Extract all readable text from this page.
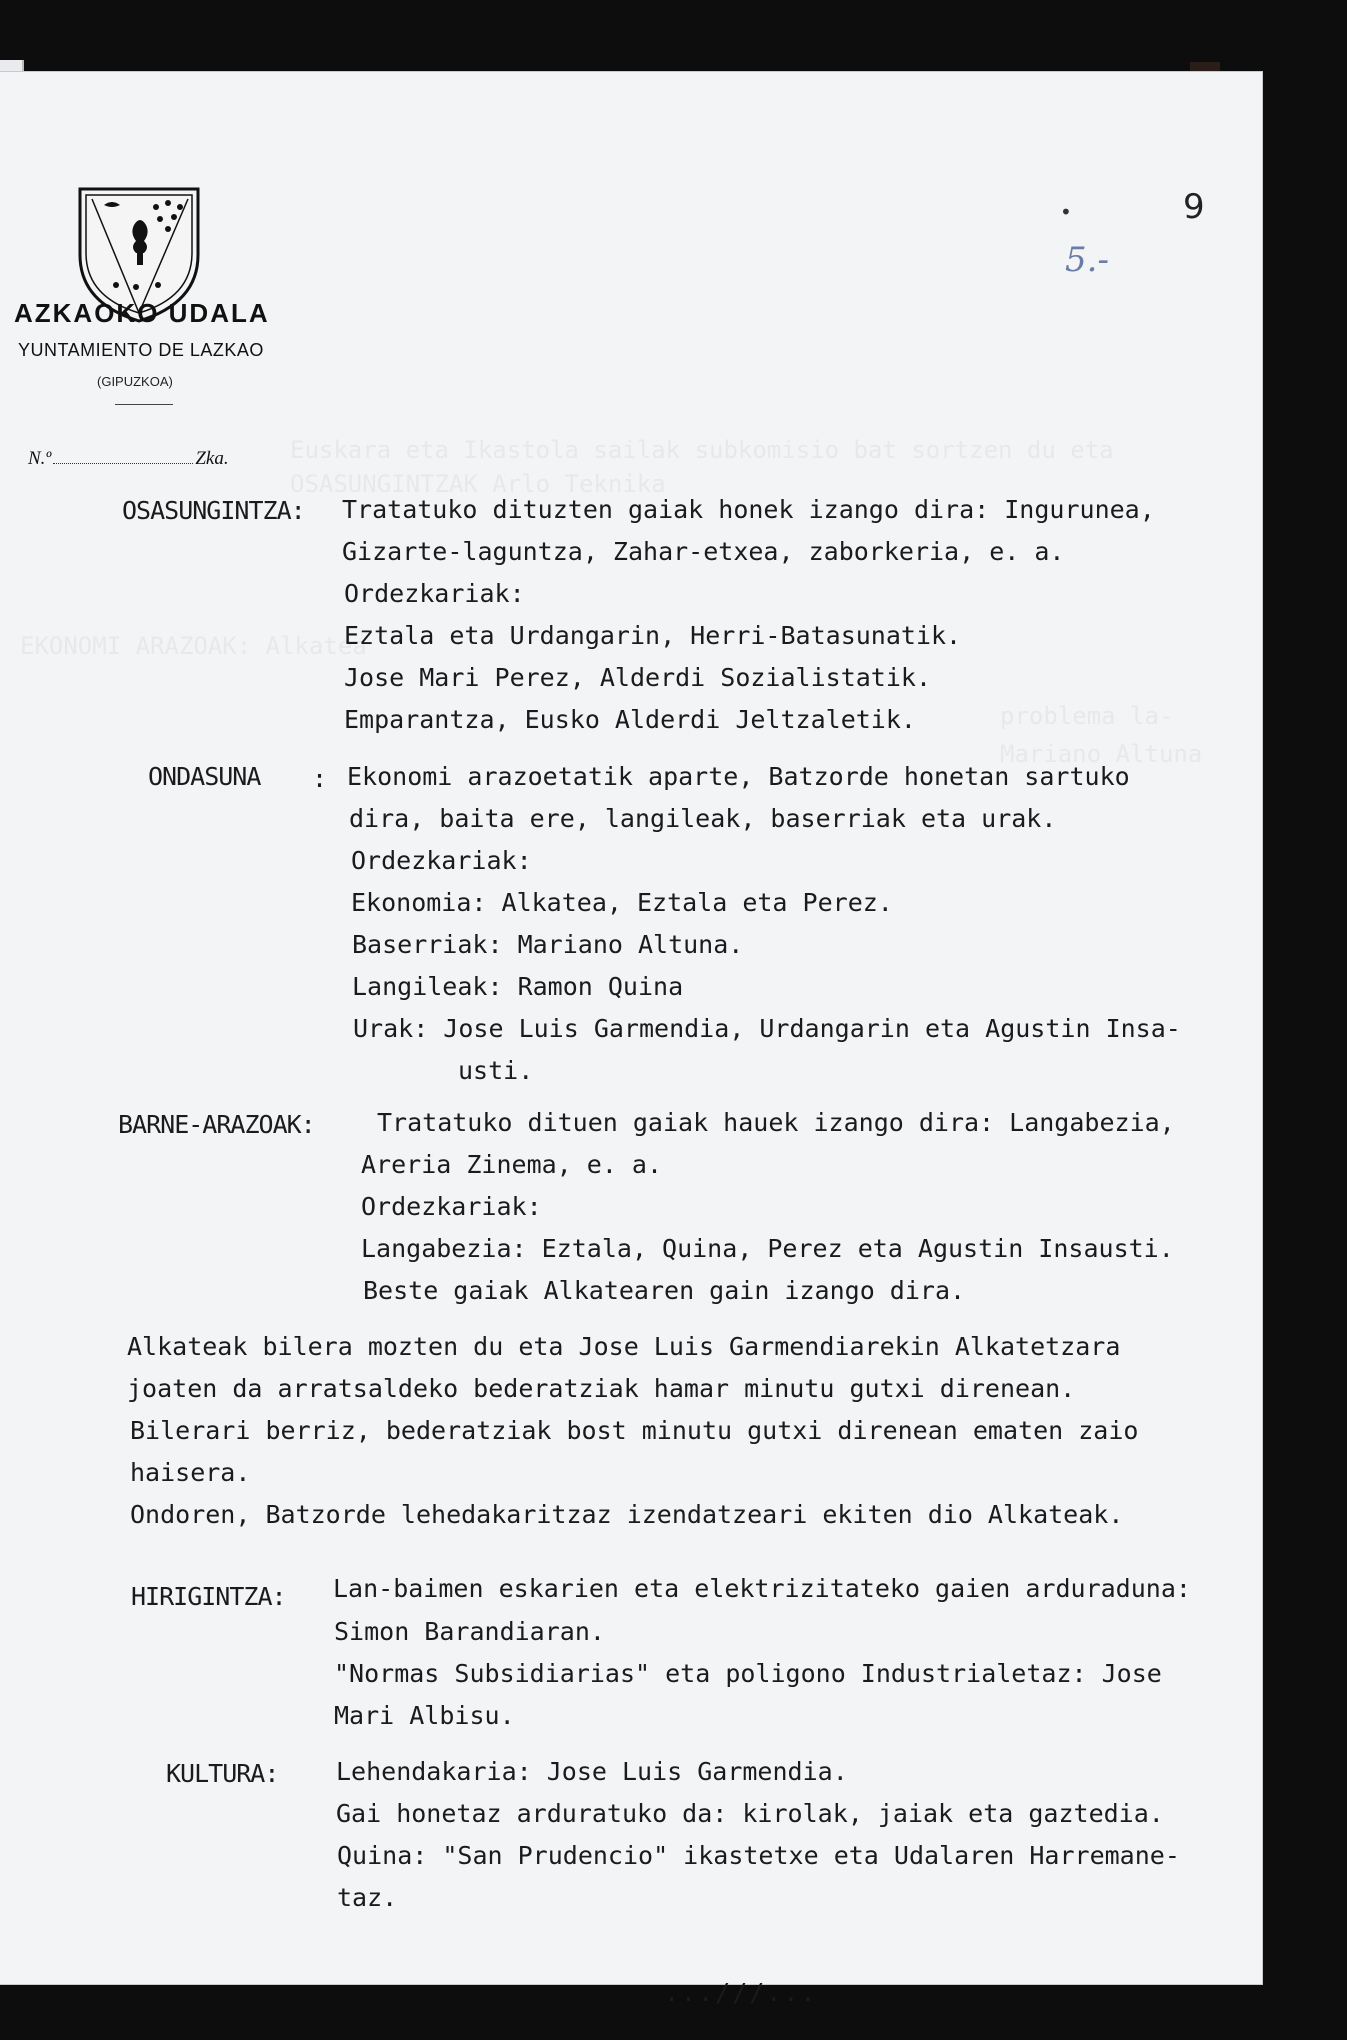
AZKAOKO UDALA
YUNTAMIENTO DE LAZKAO
(GIPUZKOA)
N.º	Zka.
•	9
5.-
Euskara eta Ikastola sailak subkomisio bat sortzen du eta
OSASUNGINTZAK Arlo Teknika
EKONOMI ARAZOAK: Alkatea
problema la-
Mariano Altuna
OSASUNGINTZA: Tratatuko dituzten gaiak honek izango dira: Ingurunea,
Gizarte-laguntza, Zahar-etxea, zaborkeria, e. a.
Ordezkariak:
Eztala eta Urdangarin, Herri-Batasunatik.
Jose Mari Perez, Alderdi Sozialistatik.
Emparantza, Eusko Alderdi Jeltzaletik.
ONDASUNA : Ekonomi arazoetatik aparte, Batzorde honetan sartuko
dira, baita ere, langileak, baserriak eta urak.
Ordezkariak:
Ekonomia: Alkatea, Eztala eta Perez.
Baserriak: Mariano Altuna.
Langileak: Ramon Quina
Urak: Jose Luis Garmendia, Urdangarin eta Agustin Insa-
usti.
BARNE-ARAZOAK: Tratatuko dituen gaiak hauek izango dira: Langabezia,
Areria Zinema, e. a.
Ordezkariak:
Langabezia: Eztala, Quina, Perez eta Agustin Insausti.
Beste gaiak Alkatearen gain izango dira.
Alkateak bilera mozten du eta Jose Luis Garmendiarekin Alkatetzara
joaten da arratsaldeko bederatziak hamar minutu gutxi direnean.
Bilerari berriz, bederatziak bost minutu gutxi direnean ematen zaio
haisera.
Ondoren, Batzorde lehedakaritzaz izendatzeari ekiten dio Alkateak.
HIRIGINTZA: Lan-baimen eskarien eta elektrizitateko gaien arduraduna:
Simon Barandiaran.
"Normas Subsidiarias" eta poligono Industrialetaz: Jose
Mari Albisu.
KULTURA: Lehendakaria: Jose Luis Garmendia.
Gai honetaz arduratuko da: kirolak, jaiak eta gaztedia.
Quina: "San Prudencio" ikastetxe eta Udalaren Harremane-
taz.
...///...
